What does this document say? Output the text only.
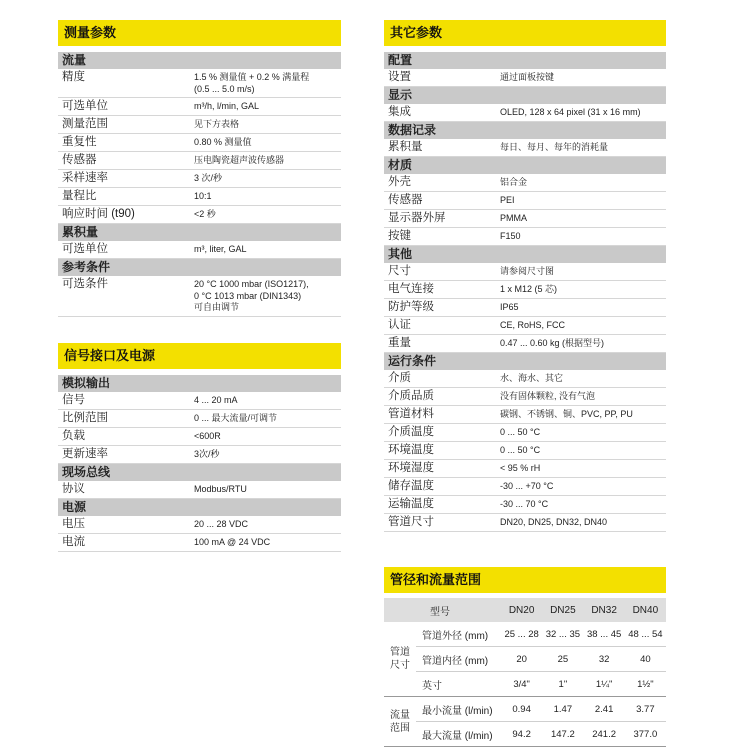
测量参数
流量
精度	1.5 % 测量值 + 0.2 % 满量程
(0.5 ... 5.0 m/s)
可选单位	m³/h, l/min, GAL
测量范围	见下方表格
重复性	0.80 % 测量值
传感器	压电陶瓷超声波传感器
采样速率	3 次/秒
量程比	10:1
响应时间 (t90)	<2 秒
累积量
可选单位	m³, liter, GAL
参考条件
可选条件	20 °C 1000 mbar (ISO1217),
0 °C 1013 mbar (DIN1343)
可自由调节
信号接口及电源
模拟输出
信号	4 ... 20 mA
比例范围	0 ... 最大流量/可调节
负载	<600R
更新速率	3次/秒
现场总线
协议	Modbus/RTU
电源
电压	20 ... 28 VDC
电流	100 mA @ 24 VDC
其它参数
配置
设置	通过面板按键
显示
集成	OLED, 128 x 64 pixel (31 x 16 mm)
数据记录
累积量	每日、每月、每年的消耗量
材质
外壳	铝合金
传感器	PEI
显示器外屏	PMMA
按键	F150
其他
尺寸	请参阅尺寸图
电气连接	1 x M12 (5 芯)
防护等级	IP65
认证	CE, RoHS, FCC
重量	0.47 ... 0.60 kg (根据型号)
运行条件
介质	水、海水、其它
介质品质	没有固体颗粒, 没有气泡
管道材料	碳钢、不锈钢、铜、PVC, PP, PU
介质温度	0 ... 50 °C
环境温度	0 ... 50 °C
环境湿度	< 95 % rH
储存温度	-30 ... +70 °C
运输温度	-30 ... 70 °C
管道尺寸	DN20, DN25, DN32, DN40
管径和流量范围
	型号	DN20	DN25	DN32	DN40
管道
尺寸	管道外径 (mm)	25 ... 28	32 ... 35	38 ... 45	48 ... 54
	管道内径 (mm)	20	25	32	40
	英寸	3/4"	1"	1¼"	1½"
流量
范围	最小流量 (l/min)	0.94	1.47	2.41	3.77
	最大流量 (l/min)	94.2	147.2	241.2	377.0
